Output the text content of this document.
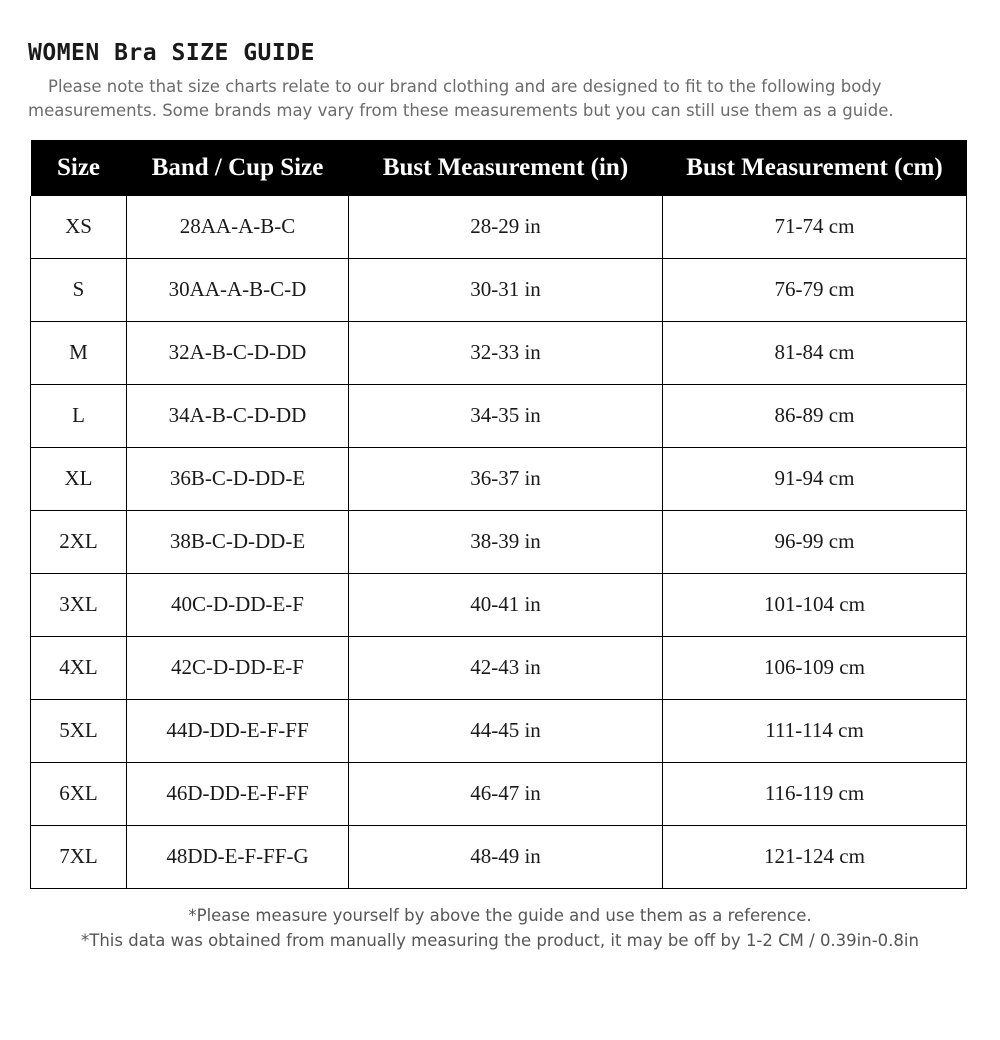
WOMEN Bra SIZE GUIDE

Please note that size charts relate to our brand clothing and are designed to fit to the following body measurements. Some brands may vary from these measurements but you can still use them as a guide.

Size	Band / Cup Size	Bust Measurement (in)	Bust Measurement (cm)
XS	28AA-A-B-C	28-29 in	71-74 cm
S	30AA-A-B-C-D	30-31 in	76-79 cm
M	32A-B-C-D-DD	32-33 in	81-84 cm
L	34A-B-C-D-DD	34-35 in	86-89 cm
XL	36B-C-D-DD-E	36-37 in	91-94 cm
2XL	38B-C-D-DD-E	38-39 in	96-99 cm
3XL	40C-D-DD-E-F	40-41 in	101-104 cm
4XL	42C-D-DD-E-F	42-43 in	106-109 cm
5XL	44D-DD-E-F-FF	44-45 in	111-114 cm
6XL	46D-DD-E-F-FF	46-47 in	116-119 cm
7XL	48DD-E-F-FF-G	48-49 in	121-124 cm
*Please measure yourself by above the guide and use them as a reference.
*This data was obtained from manually measuring the product, it may be off by 1-2 CM / 0.39in-0.8in
